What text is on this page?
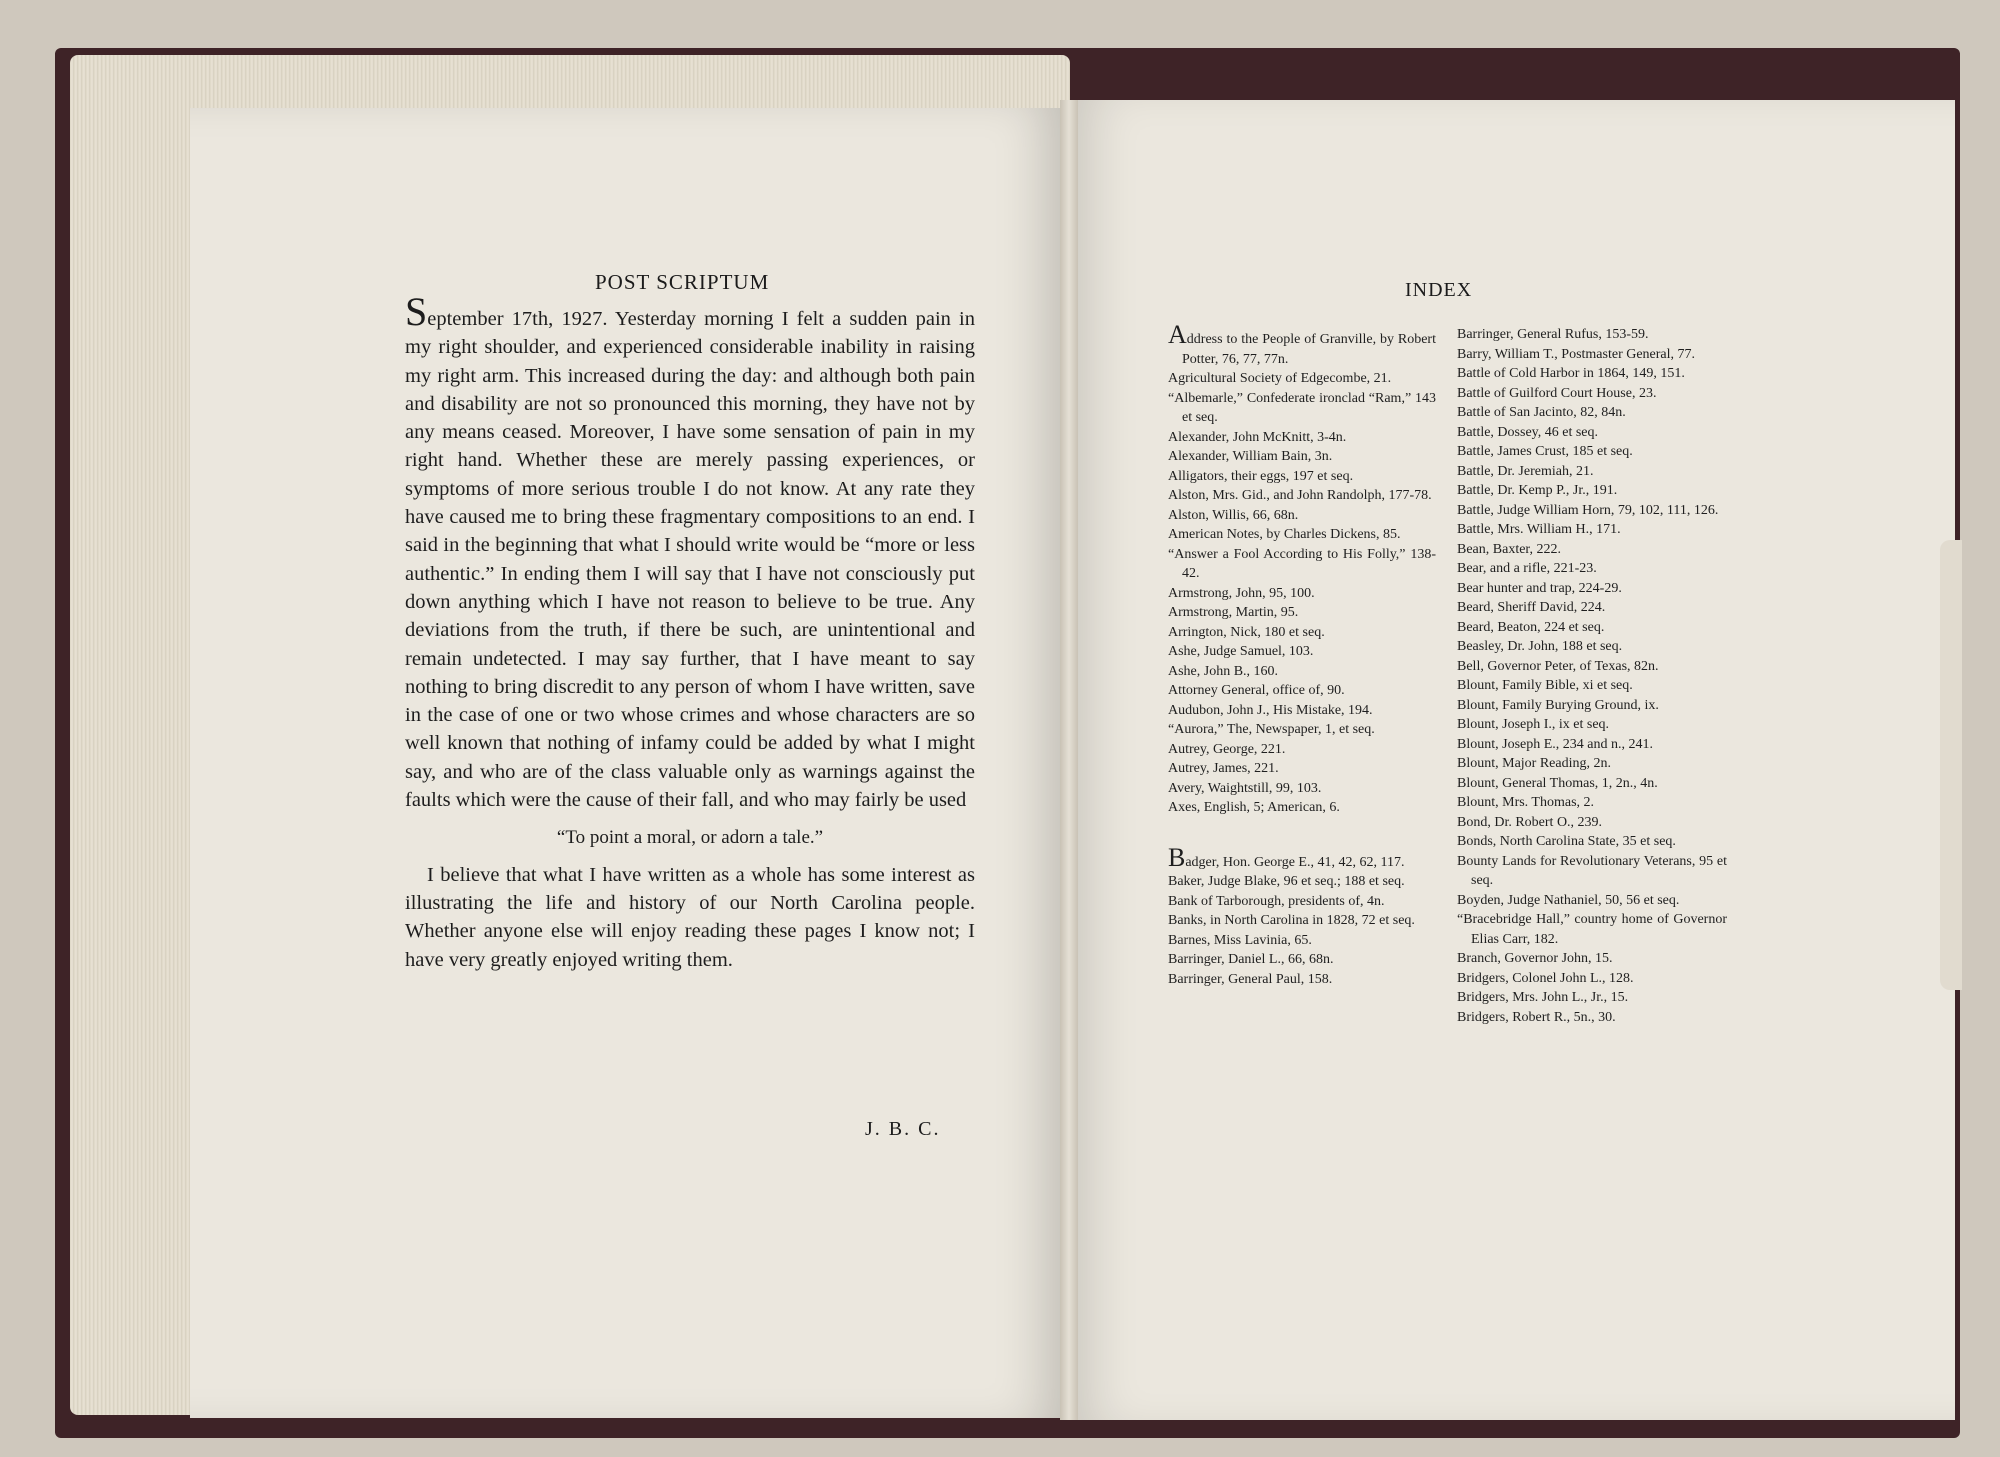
POST SCRIPTUM

September 17th, 1927. Yesterday morning I felt a sudden pain in my right shoulder, and experienced considerable inability in raising my right arm. This increased during the day: and although both pain and disability are not so pronounced this morning, they have not by any means ceased. Moreover, I have some sensation of pain in my right hand. Whether these are merely passing experiences, or symptoms of more serious trouble I do not know. At any rate they have caused me to bring these fragmentary compositions to an end. I said in the beginning that what I should write would be “more or less authentic.” In ending them I will say that I have not consciously put down anything which I have not reason to believe to be true. Any deviations from the truth, if there be such, are unintentional and remain undetected. I may say further, that I have meant to say nothing to bring discredit to any person of whom I have written, save in the case of one or two whose crimes and whose characters are so well known that nothing of infamy could be added by what I might say, and who are of the class valuable only as warnings against the faults which were the cause of their fall, and who may fairly be used

“To point a moral, or adorn a tale.”

I believe that what I have written as a whole has some interest as illustrating the life and history of our North Carolina people. Whether anyone else will enjoy reading these pages I know not; I have very greatly enjoyed writing them.

J. B. C.
INDEX
Address to the People of Granville, by Robert Potter, 76, 77, 77n.
Agricultural Society of Edgecombe, 21.
“Albemarle,” Confederate ironclad “Ram,” 143 et seq.
Alexander, John McKnitt, 3-4n.
Alexander, William Bain, 3n.
Alligators, their eggs, 197 et seq.
Alston, Mrs. Gid., and John Randolph, 177-78.
Alston, Willis, 66, 68n.
American Notes, by Charles Dickens, 85.
“Answer a Fool According to His Folly,” 138-42.
Armstrong, John, 95, 100.
Armstrong, Martin, 95.
Arrington, Nick, 180 et seq.
Ashe, Judge Samuel, 103.
Ashe, John B., 160.
Attorney General, office of, 90.
Audubon, John J., His Mistake, 194.
“Aurora,” The, Newspaper, 1, et seq.
Autrey, George, 221.
Autrey, James, 221.
Avery, Waightstill, 99, 103.
Axes, English, 5; American, 6.
Badger, Hon. George E., 41, 42, 62, 117.
Baker, Judge Blake, 96 et seq.; 188 et seq.
Bank of Tarborough, presidents of, 4n.
Banks, in North Carolina in 1828, 72 et seq.
Barnes, Miss Lavinia, 65.
Barringer, Daniel L., 66, 68n.
Barringer, General Paul, 158.
Barringer, General Rufus, 153-59.
Barry, William T., Postmaster General, 77.
Battle of Cold Harbor in 1864, 149, 151.
Battle of Guilford Court House, 23.
Battle of San Jacinto, 82, 84n.
Battle, Dossey, 46 et seq.
Battle, James Crust, 185 et seq.
Battle, Dr. Jeremiah, 21.
Battle, Dr. Kemp P., Jr., 191.
Battle, Judge William Horn, 79, 102, 111, 126.
Battle, Mrs. William H., 171.
Bean, Baxter, 222.
Bear, and a rifle, 221-23.
Bear hunter and trap, 224-29.
Beard, Sheriff David, 224.
Beard, Beaton, 224 et seq.
Beasley, Dr. John, 188 et seq.
Bell, Governor Peter, of Texas, 82n.
Blount, Family Bible, xi et seq.
Blount, Family Burying Ground, ix.
Blount, Joseph I., ix et seq.
Blount, Joseph E., 234 and n., 241.
Blount, Major Reading, 2n.
Blount, General Thomas, 1, 2n., 4n.
Blount, Mrs. Thomas, 2.
Bond, Dr. Robert O., 239.
Bonds, North Carolina State, 35 et seq.
Bounty Lands for Revolutionary Veterans, 95 et seq.
Boyden, Judge Nathaniel, 50, 56 et seq.
“Bracebridge Hall,” country home of Governor Elias Carr, 182.
Branch, Governor John, 15.
Bridgers, Colonel John L., 128.
Bridgers, Mrs. John L., Jr., 15.
Bridgers, Robert R., 5n., 30.
